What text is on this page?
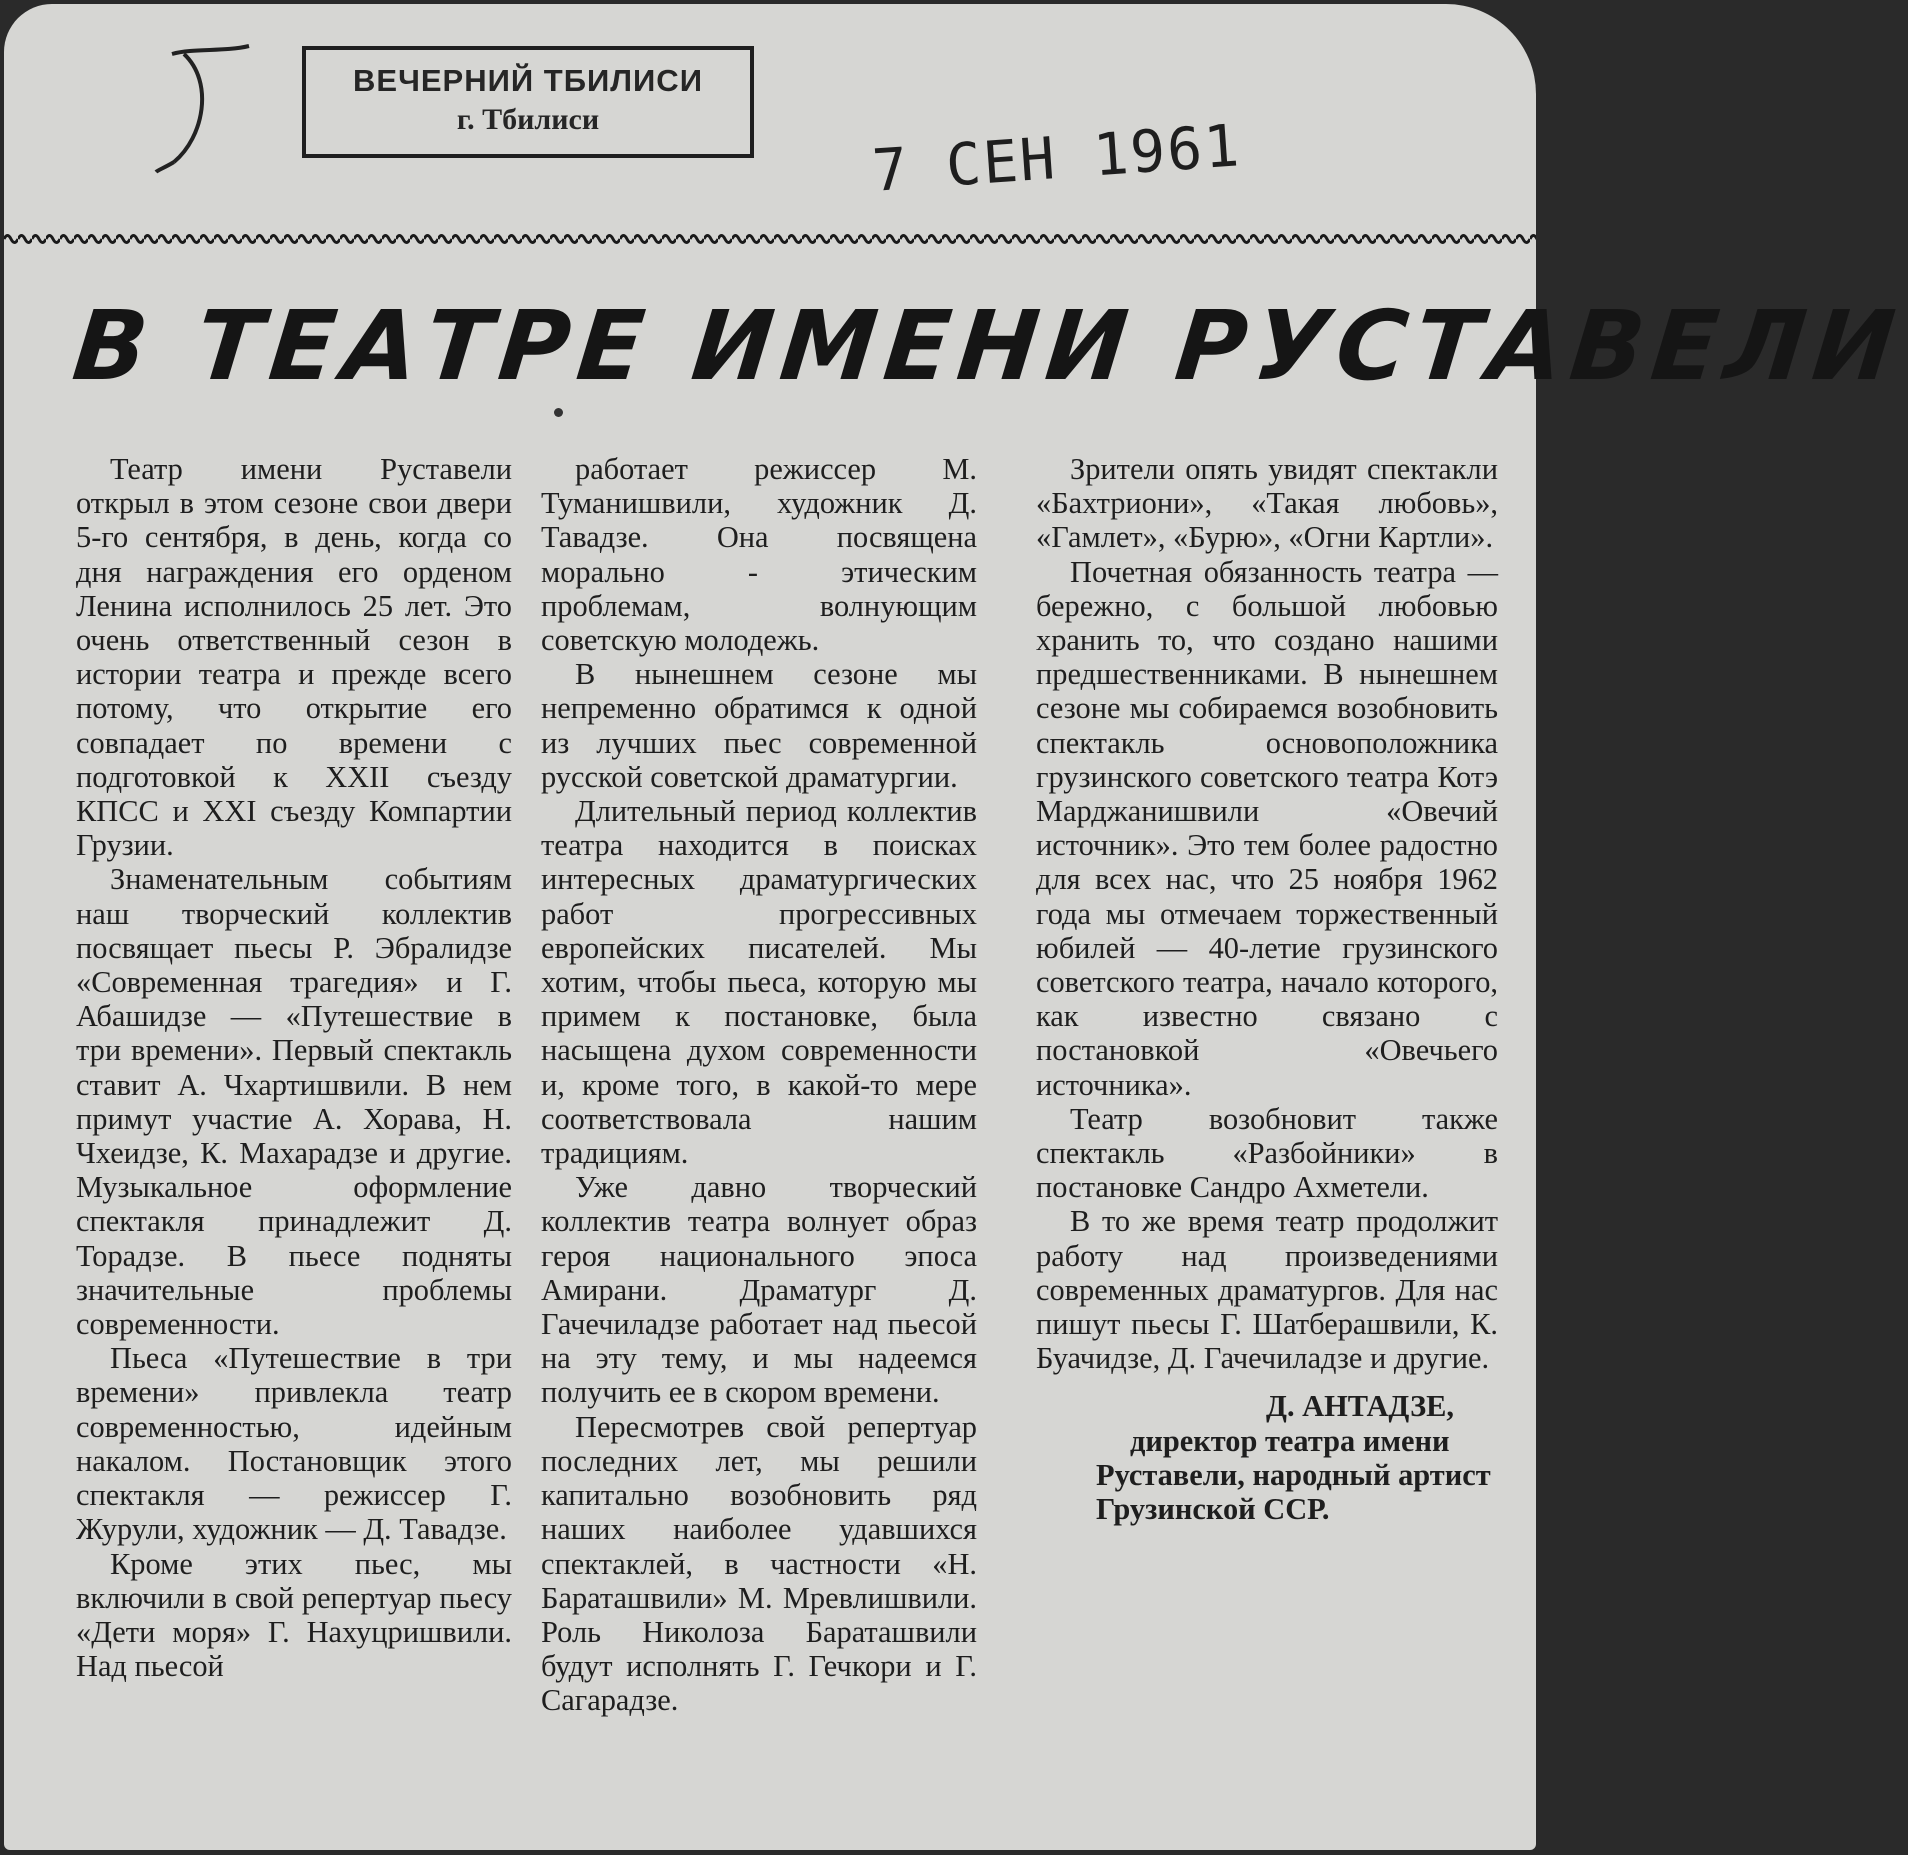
ВЕЧЕРНИЙ ТБИЛИСИ
г. Тбилиси	7 СЕН 1961
В ТЕАТРЕ ИМЕНИ РУСТАВЕЛИ

Театр имени Руставели открыл в этом сезоне свои двери 5-го сентября, в день, когда со дня награждения его орденом Ленина исполнилось 25 лет. Это очень ответственный сезон в истории театра и прежде всего потому, что открытие его совпадает по времени с подготовкой к XXII съезду КПСС и XXI съезду Компартии Грузии.

Знаменательным событиям наш творческий коллектив посвящает пьесы Р. Эбралидзе «Современная трагедия» и Г. Абашидзе — «Путешествие в три времени». Первый спектакль ставит А. Чхартишвили. В нем примут участие А. Хорава, Н. Чхеидзе, К. Махарадзе и другие. Музыкальное оформление спектакля принадлежит Д. Торадзе. В пьесе подняты значительные проблемы современности.

Пьеса «Путешествие в три времени» привлекла театр современностью, идейным накалом. Постановщик этого спектакля — режиссер Г. Журули, художник — Д. Тавадзе.

Кроме этих пьес, мы включили в свой репертуар пьесу «Дети моря» Г. Нахуцришвили. Над пьесой

работает режиссер М. Туманишвили, художник Д. Тавадзе. Она посвящена морально - этическим проблемам, волнующим советскую молодежь.

В нынешнем сезоне мы непременно обратимся к одной из лучших пьес современной русской советской драматургии.

Длительный период коллектив театра находится в поисках интересных драматургических работ прогрессивных европейских писателей. Мы хотим, чтобы пьеса, которую мы примем к постановке, была насыщена духом современности и, кроме того, в какой-то мере соответствовала нашим традициям.

Уже давно творческий коллектив театра волнует образ героя национального эпоса Амирани. Драматург Д. Гачечиладзе работает над пьесой на эту тему, и мы надеемся получить ее в скором времени.

Пересмотрев свой репертуар последних лет, мы решили капитально возобновить ряд наших наиболее удавшихся спектаклей, в частности «Н. Бараташвили» М. Мревлишвили. Роль Николоза Бараташвили будут исполнять Г. Гечкори и Г. Сагарадзе.

Зрители опять увидят спектакли «Бахтриони», «Такая любовь», «Гамлет», «Бурю», «Огни Картли».

Почетная обязанность театра — бережно, с большой любовью хранить то, что создано нашими предшественниками. В нынешнем сезоне мы собираемся возобновить спектакль основоположника грузинского советского театра Котэ Марджанишвили «Овечий источник». Это тем более радостно для всех нас, что 25 ноября 1962 года мы отмечаем торжественный юбилей — 40-летие грузинского советского театра, начало которого, как известно связано с постановкой «Овечьего источника».

Театр возобновит также спектакль «Разбойники» в постановке Сандро Ахметели.

В то же время театр продолжит работу над произведениями современных драматургов. Для нас пишут пьесы Г. Шатберашвили, К. Буачидзе, Д. Гачечиладзе и другие.

Д. АНТАДЗЕ,

директор театра имени Руставели, народный артист Грузинской ССР.
